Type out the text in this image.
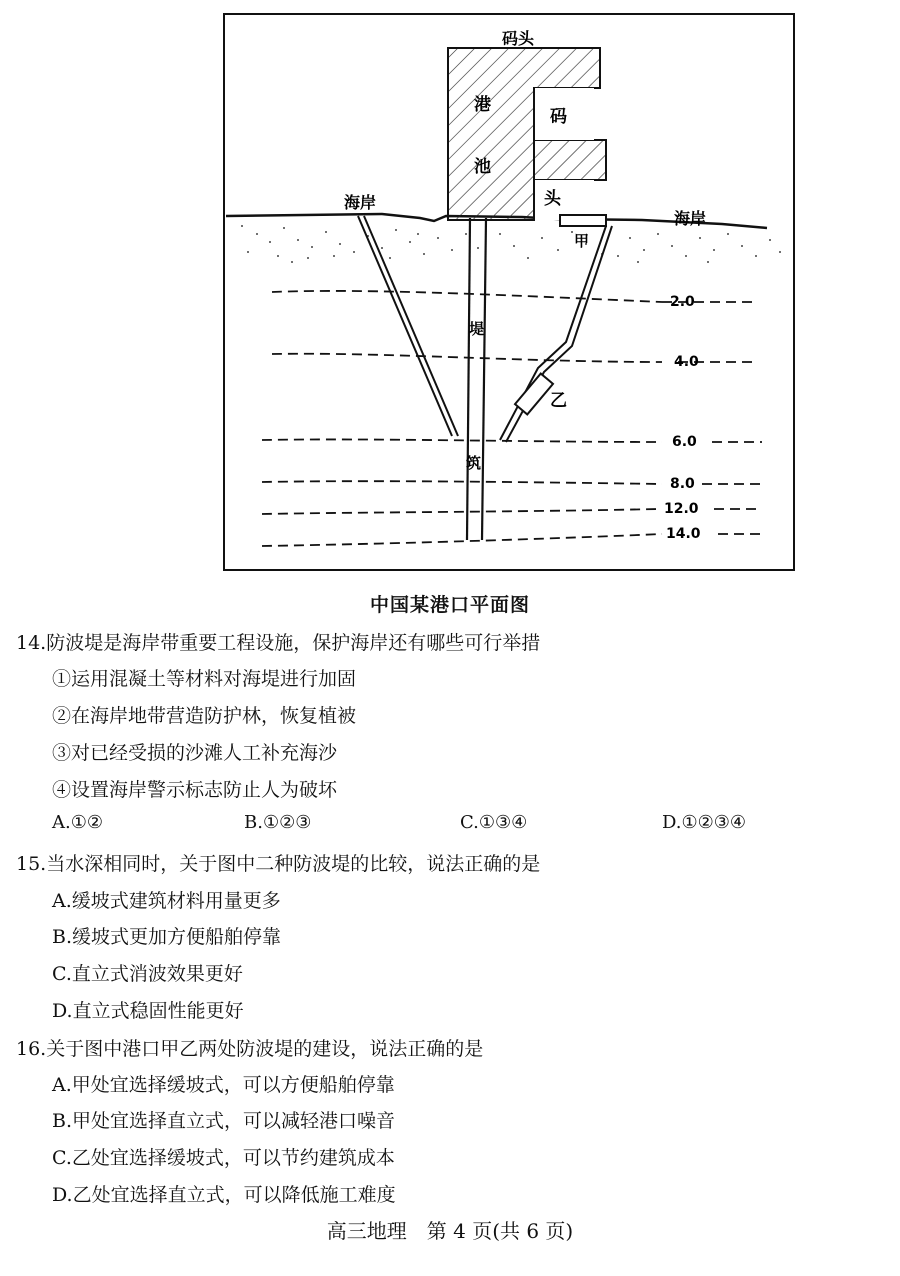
码头
港
池
码
头
海岸
海岸
甲
乙
堤
筑
2.0
4.0
6.0
8.0
12.0
14.0
中国某港口平面图
14.防波堤是海岸带重要工程设施，保护海岸还有哪些可行举措
①运用混凝土等材料对海堤进行加固
②在海岸地带营造防护林，恢复植被
③对已经受损的沙滩人工补充海沙
④设置海岸警示标志防止人为破坏
A.①②	B.①②③	C.①③④	D.①②③④
15.当水深相同时，关于图中二种防波堤的比较，说法正确的是
A.缓坡式建筑材料用量更多
B.缓坡式更加方便船舶停靠
C.直立式消波效果更好
D.直立式稳固性能更好
16.关于图中港口甲乙两处防波堤的建设，说法正确的是
A.甲处宜选择缓坡式，可以方便船舶停靠
B.甲处宜选择直立式，可以减轻港口噪音
C.乙处宜选择缓坡式，可以节约建筑成本
D.乙处宜选择直立式，可以降低施工难度
高三地理　第 4 页(共 6 页)
